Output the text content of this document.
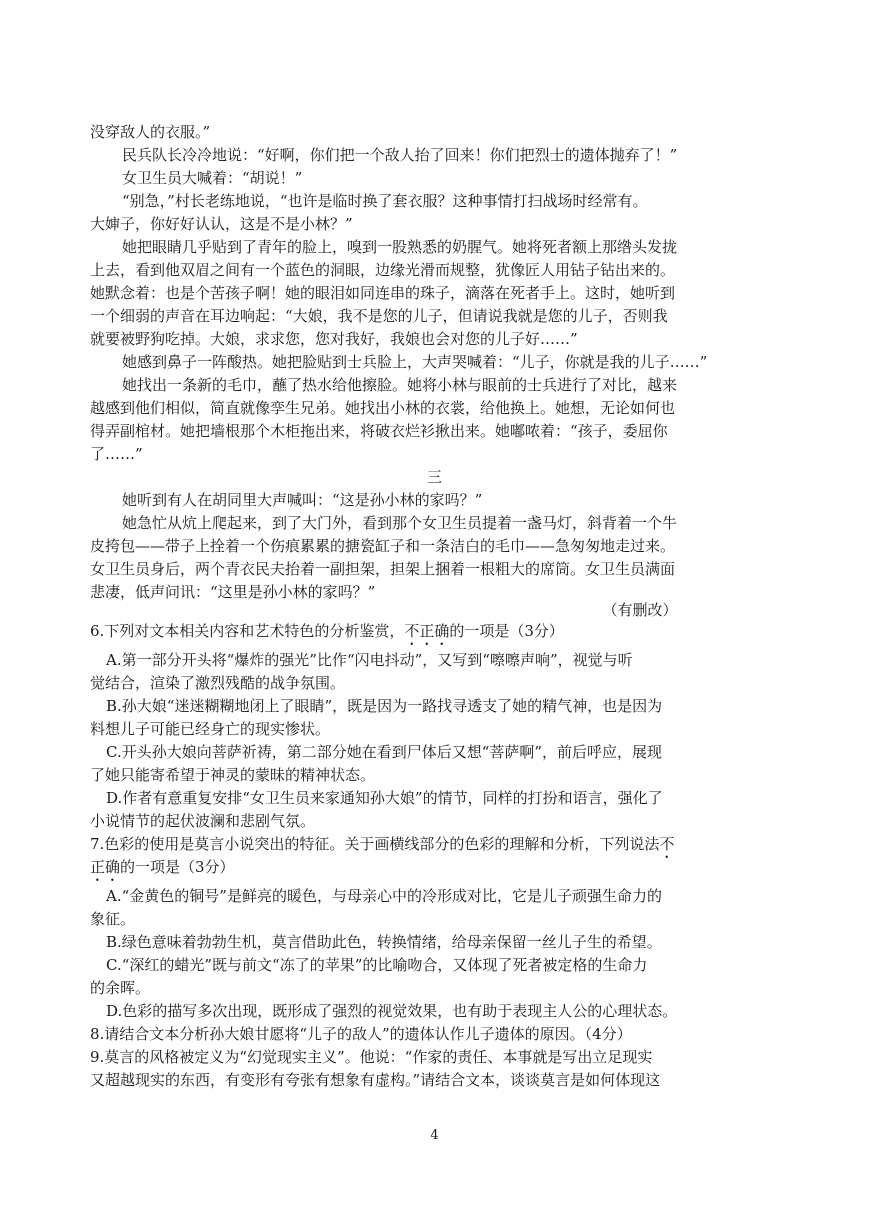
没穿敌人的衣服。”
民兵队长冷冷地说：“好啊，你们把一个敌人抬了回来！你们把烈士的遗体抛弃了！”
女卫生员大喊着：“胡说！”
“别急，”村长老练地说，“也许是临时换了套衣服？这种事情打扫战场时经常有。
大婶子，你好好认认，这是不是小林？”
她把眼睛几乎贴到了青年的脸上，嗅到一股熟悉的奶腥气。她将死者额上那绺头发拢
上去，看到他双眉之间有一个蓝色的洞眼，边缘光滑而规整，犹像匠人用钻子钻出来的。
她默念着：也是个苦孩子啊！她的眼泪如同连串的珠子，滴落在死者手上。这时，她听到
一个细弱的声音在耳边响起：“大娘，我不是您的儿子，但请说我就是您的儿子，否则我
就要被野狗吃掉。大娘，求求您，您对我好，我娘也会对您的儿子好……”
她感到鼻子一阵酸热。她把脸贴到士兵脸上，大声哭喊着：“儿子，你就是我的儿子……”
她找出一条新的毛巾，蘸了热水给他擦脸。她将小林与眼前的士兵进行了对比，越来
越感到他们相似，简直就像孪生兄弟。她找出小林的衣裳，给他换上。她想，无论如何也
得弄副棺材。她把墙根那个木柜拖出来，将破衣烂衫揪出来。她嘟哝着：“孩子，委屈你
了……”
三
她听到有人在胡同里大声喊叫：“这是孙小林的家吗？”
她急忙从炕上爬起来，到了大门外，看到那个女卫生员提着一盏马灯，斜背着一个牛
皮挎包——带子上拴着一个伤痕累累的搪瓷缸子和一条洁白的毛巾——急匆匆地走过来。
女卫生员身后，两个青衣民夫抬着一副担架，担架上捆着一根粗大的席筒。女卫生员满面
悲凄，低声问讯：“这里是孙小林的家吗？”
（有删改）
6.下列对文本相关内容和艺术特色的分析鉴赏，不正确的一项是（3分）
A.第一部分开头将“爆炸的强光”比作“闪电抖动”，又写到“嚓嚓声响”，视觉与听
觉结合，渲染了激烈残酷的战争氛围。
B.孙大娘“迷迷糊糊地闭上了眼睛”，既是因为一路找寻透支了她的精气神，也是因为
料想儿子可能已经身亡的现实惨状。
C.开头孙大娘向菩萨祈祷，第二部分她在看到尸体后又想“菩萨啊”，前后呼应，展现
了她只能寄希望于神灵的蒙昧的精神状态。
D.作者有意重复安排“女卫生员来家通知孙大娘”的情节，同样的打扮和语言，强化了
小说情节的起伏波澜和悲剧气氛。
7.色彩的使用是莫言小说突出的特征。关于画横线部分的色彩的理解和分析，下列说法不
正确的一项是（3分）
A.“金黄色的铜号”是鲜亮的暖色，与母亲心中的冷形成对比，它是儿子顽强生命力的
象征。
B.绿色意味着勃勃生机，莫言借助此色，转换情绪，给母亲保留一丝儿子生的希望。
C.“深红的蜡光”既与前文“冻了的苹果”的比喻吻合，又体现了死者被定格的生命力
的余晖。
D.色彩的描写多次出现，既形成了强烈的视觉效果，也有助于表现主人公的心理状态。
8.请结合文本分析孙大娘甘愿将“儿子的敌人”的遗体认作儿子遗体的原因。（4分）
9.莫言的风格被定义为“幻觉现实主义”。他说：“作家的责任、本事就是写出立足现实
又超越现实的东西，有变形有夸张有想象有虚构。”请结合文本，谈谈莫言是如何体现这
4
